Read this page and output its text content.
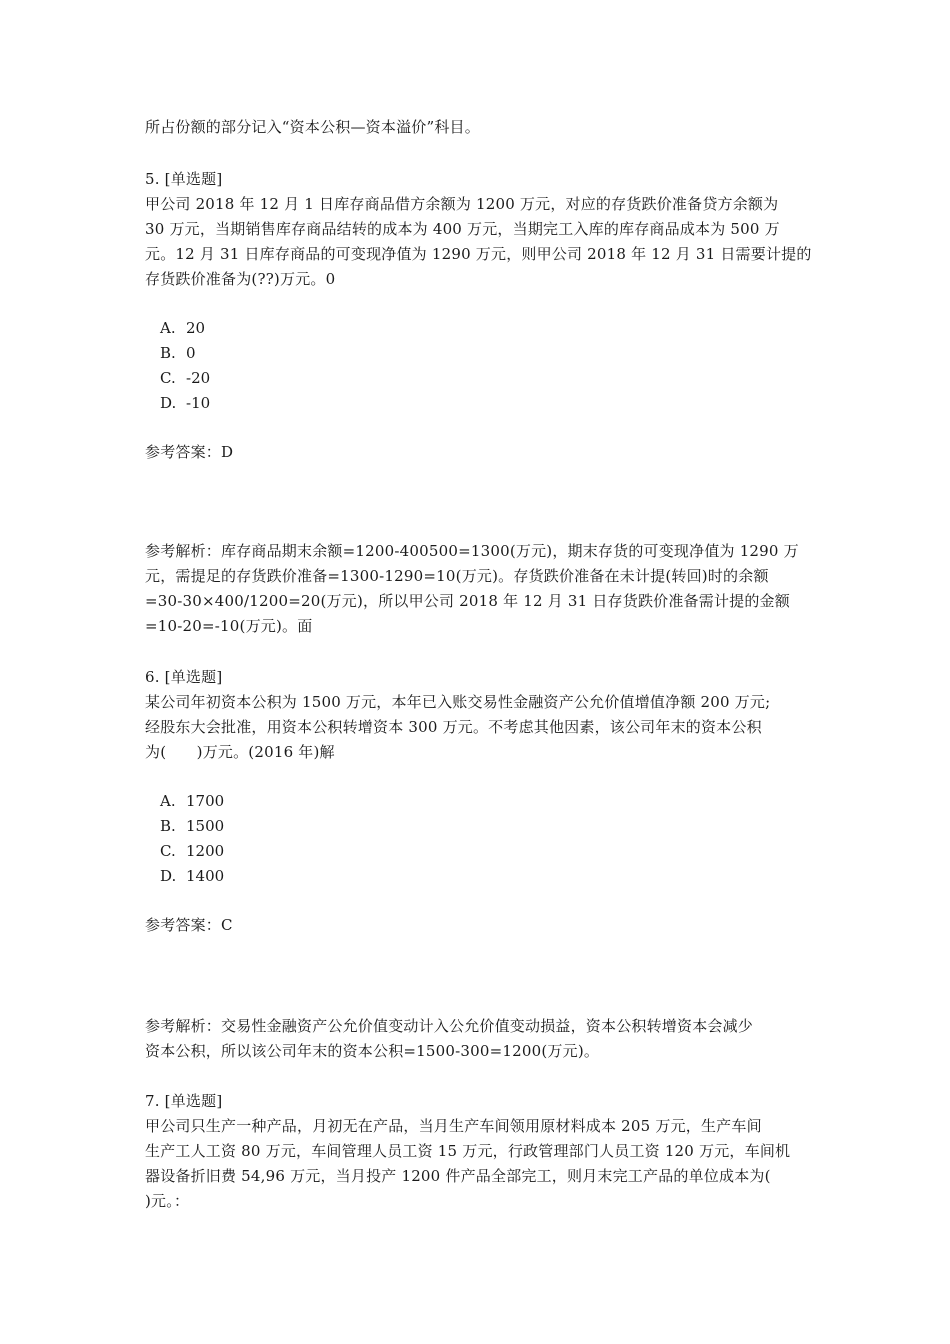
所占份额的部分记入“资本公积—资本溢价”科目。
5. [单选题]
甲公司 2018 年 12 月 1 日库存商品借方余额为 1200 万元，对应的存货跌价准备贷方余额为
30 万元，当期销售库存商品结转的成本为 400 万元，当期完工入库的库存商品成本为 500 万
元。12 月 31 日库存商品的可变现净值为 1290 万元，则甲公司 2018 年 12 月 31 日需要计提的
存货跌价准备为(??)万元。0
A. 20
B. 0
C. -20
D. -10
参考答案：D
参考解析：库存商品期末余额=1200-400500=1300(万元)，期末存货的可变现净值为 1290 万
元，需提足的存货跌价准备=1300-1290=10(万元)。存货跌价准备在未计提(转回)时的余额
=30-30×400/1200=20(万元)，所以甲公司 2018 年 12 月 31 日存货跌价准备需计提的金额
=10-20=-10(万元)。面
6. [单选题]
某公司年初资本公积为 1500 万元，本年已入账交易性金融资产公允价值增值净额 200 万元;
经股东大会批准，用资本公积转增资本 300 万元。不考虑其他因素，该公司年末的资本公积
为(　　)万元。(2016 年)解
A. 1700
B. 1500
C. 1200
D. 1400
参考答案：C
参考解析：交易性金融资产公允价值变动计入公允价值变动损益，资本公积转增资本会减少
资本公积，所以该公司年末的资本公积=1500-300=1200(万元)。
7. [单选题]
甲公司只生产一种产品，月初无在产品，当月生产车间领用原材料成本 205 万元，生产车间
生产工人工资 80 万元，车间管理人员工资 15 万元，行政管理部门人员工资 120 万元，车间机
器设备折旧费 54,96 万元，当月投产 1200 件产品全部完工，则月末完工产品的单位成本为(
)元。：
